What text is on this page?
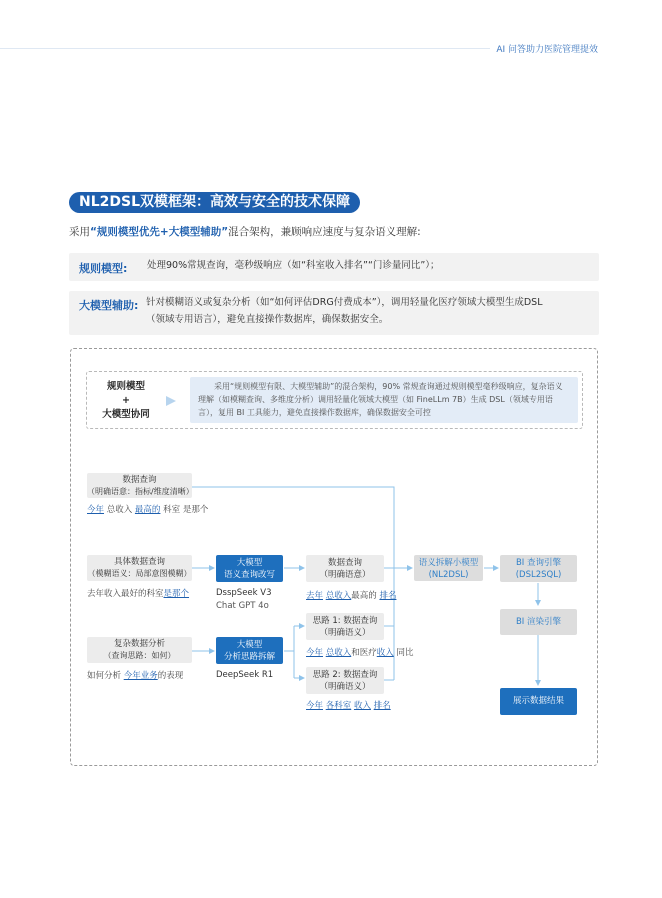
AI 问答助力医院管理提效
NL2DSL双模框架：高效与安全的技术保障
采用“规则模型优先+大模型辅助”混合架构，兼顾响应速度与复杂语义理解:
规则模型: 处理90%常规查询，毫秒级响应（如“科室收入排名”“门诊量同比”）；
大模型辅助: 针对模糊语义或复杂分析（如“如何评估DRG付费成本”），调用轻量化医疗领域大模型生成DSL
（领域专用语言），避免直接操作数据库，确保数据安全。
规则模型
+
大模型协同
采用“规则模型有限、大模型辅助”的混合架构，90% 常规查询通过规则模型毫秒级响应，复杂语义理解（如模糊查询、多维度分析）调用轻量化领域大模型（如 FineLLm 7B）生成 DSL（领域专用语言），复用 BI 工具能力，避免直接操作数据库，确保数据安全可控
数据查询
（明确语意：指标/维度清晰）
今年 总收入 最高的 科室 是那个
具体数据查询
（模糊语义：局部意图模糊）
去年收入最好的科室是那个
复杂数据分析
（查询思路：如何）
如何分析 今年业务的表现
大模型
语义查询改写
DsspSeek V3
Chat GPT 4o
大模型
分析思路拆解
DeepSeek R1
数据查询
（明确语意）
去年 总收入最高的 排名
思路 1: 数据查询
（明确语义）
今年 总收入和医疗收入 同比
思路 2: 数据查询
（明确语义）
今年 各科室 收入 排名
语义拆解小模型
(NL2DSL)
BI 查询引擎
(DSL2SQL)
BI 渲染引擎
展示数据结果
